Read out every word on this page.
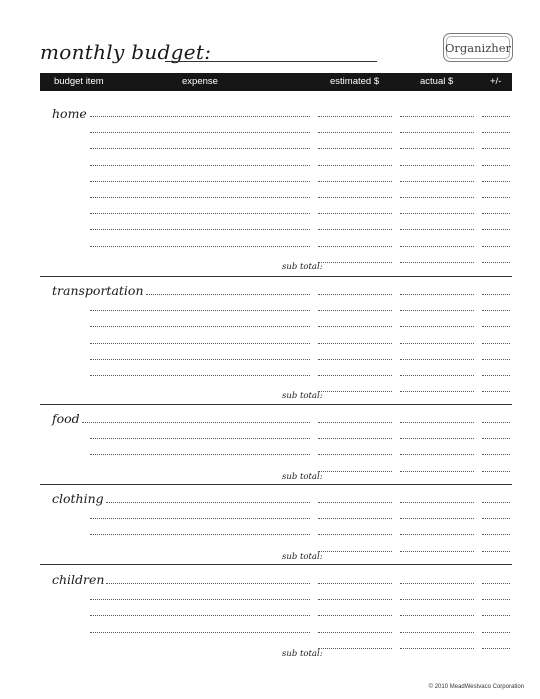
monthly budget:	Organizher
budget item	expense	estimated $	actual $	+/-
home
sub total:
transportation
sub total:
food
sub total:
clothing
sub total:
children
sub total:
© 2010 MeadWestvaco Corporation
